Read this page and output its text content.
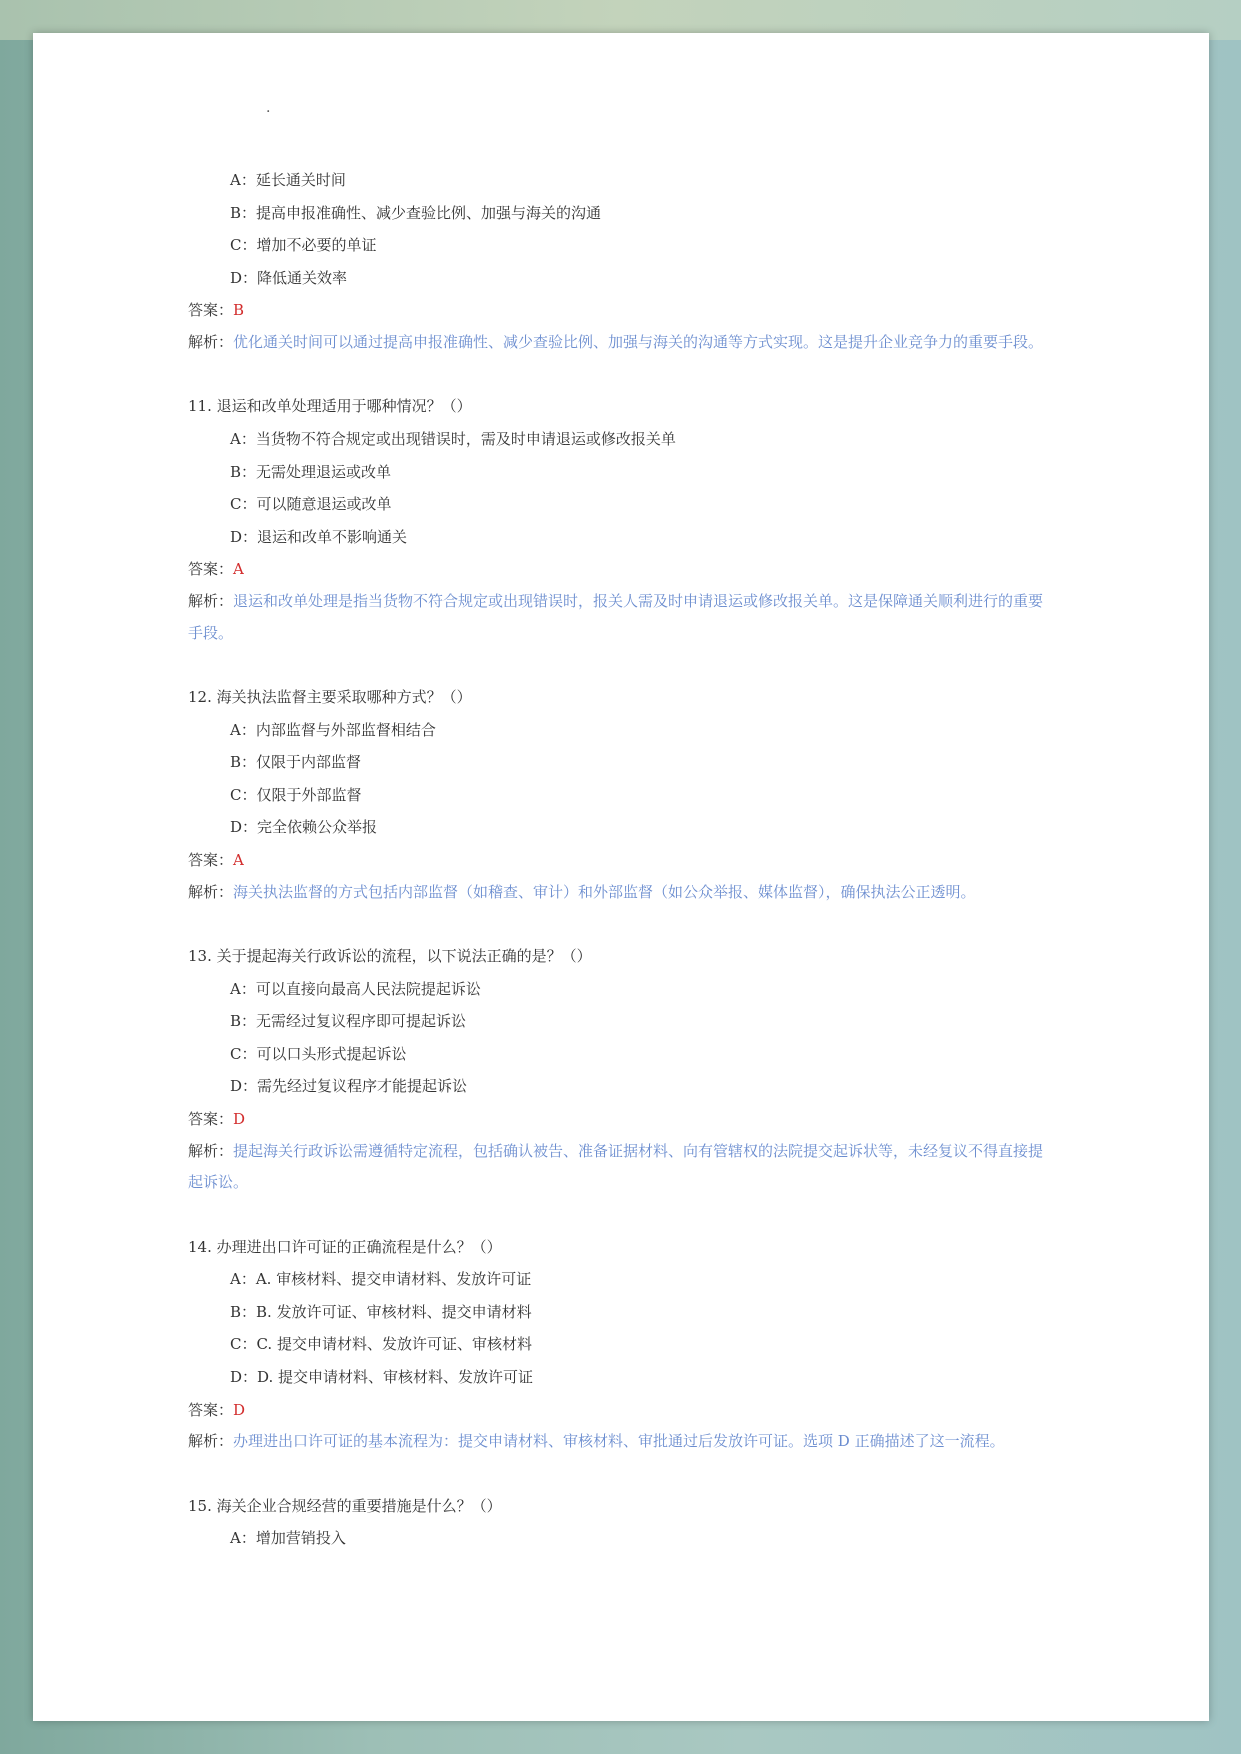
.
A：延长通关时间
B：提高申报准确性、减少查验比例、加强与海关的沟通
C：增加不必要的单证
D：降低通关效率
答案：B
解析：优化通关时间可以通过提高申报准确性、减少查验比例、加强与海关的沟通等方式实现。这是提升企业竞争力的重要手段。
11. 退运和改单处理适用于哪种情况？（）
A：当货物不符合规定或出现错误时，需及时申请退运或修改报关单
B：无需处理退运或改单
C：可以随意退运或改单
D：退运和改单不影响通关
答案：A
解析：退运和改单处理是指当货物不符合规定或出现错误时，报关人需及时申请退运或修改报关单。这是保障通关顺利进行的重要手段。
12. 海关执法监督主要采取哪种方式？（）
A：内部监督与外部监督相结合
B：仅限于内部监督
C：仅限于外部监督
D：完全依赖公众举报
答案：A
解析：海关执法监督的方式包括内部监督（如稽查、审计）和外部监督（如公众举报、媒体监督），确保执法公正透明。
13. 关于提起海关行政诉讼的流程，以下说法正确的是？（）
A：可以直接向最高人民法院提起诉讼
B：无需经过复议程序即可提起诉讼
C：可以口头形式提起诉讼
D：需先经过复议程序才能提起诉讼
答案：D
解析：提起海关行政诉讼需遵循特定流程，包括确认被告、准备证据材料、向有管辖权的法院提交起诉状等，未经复议不得直接提起诉讼。
14. 办理进出口许可证的正确流程是什么？（）
A：A. 审核材料、提交申请材料、发放许可证
B：B. 发放许可证、审核材料、提交申请材料
C：C. 提交申请材料、发放许可证、审核材料
D：D. 提交申请材料、审核材料、发放许可证
答案：D
解析：办理进出口许可证的基本流程为：提交申请材料、审核材料、审批通过后发放许可证。选项 D 正确描述了这一流程。
15. 海关企业合规经营的重要措施是什么？（）
A：增加营销投入
